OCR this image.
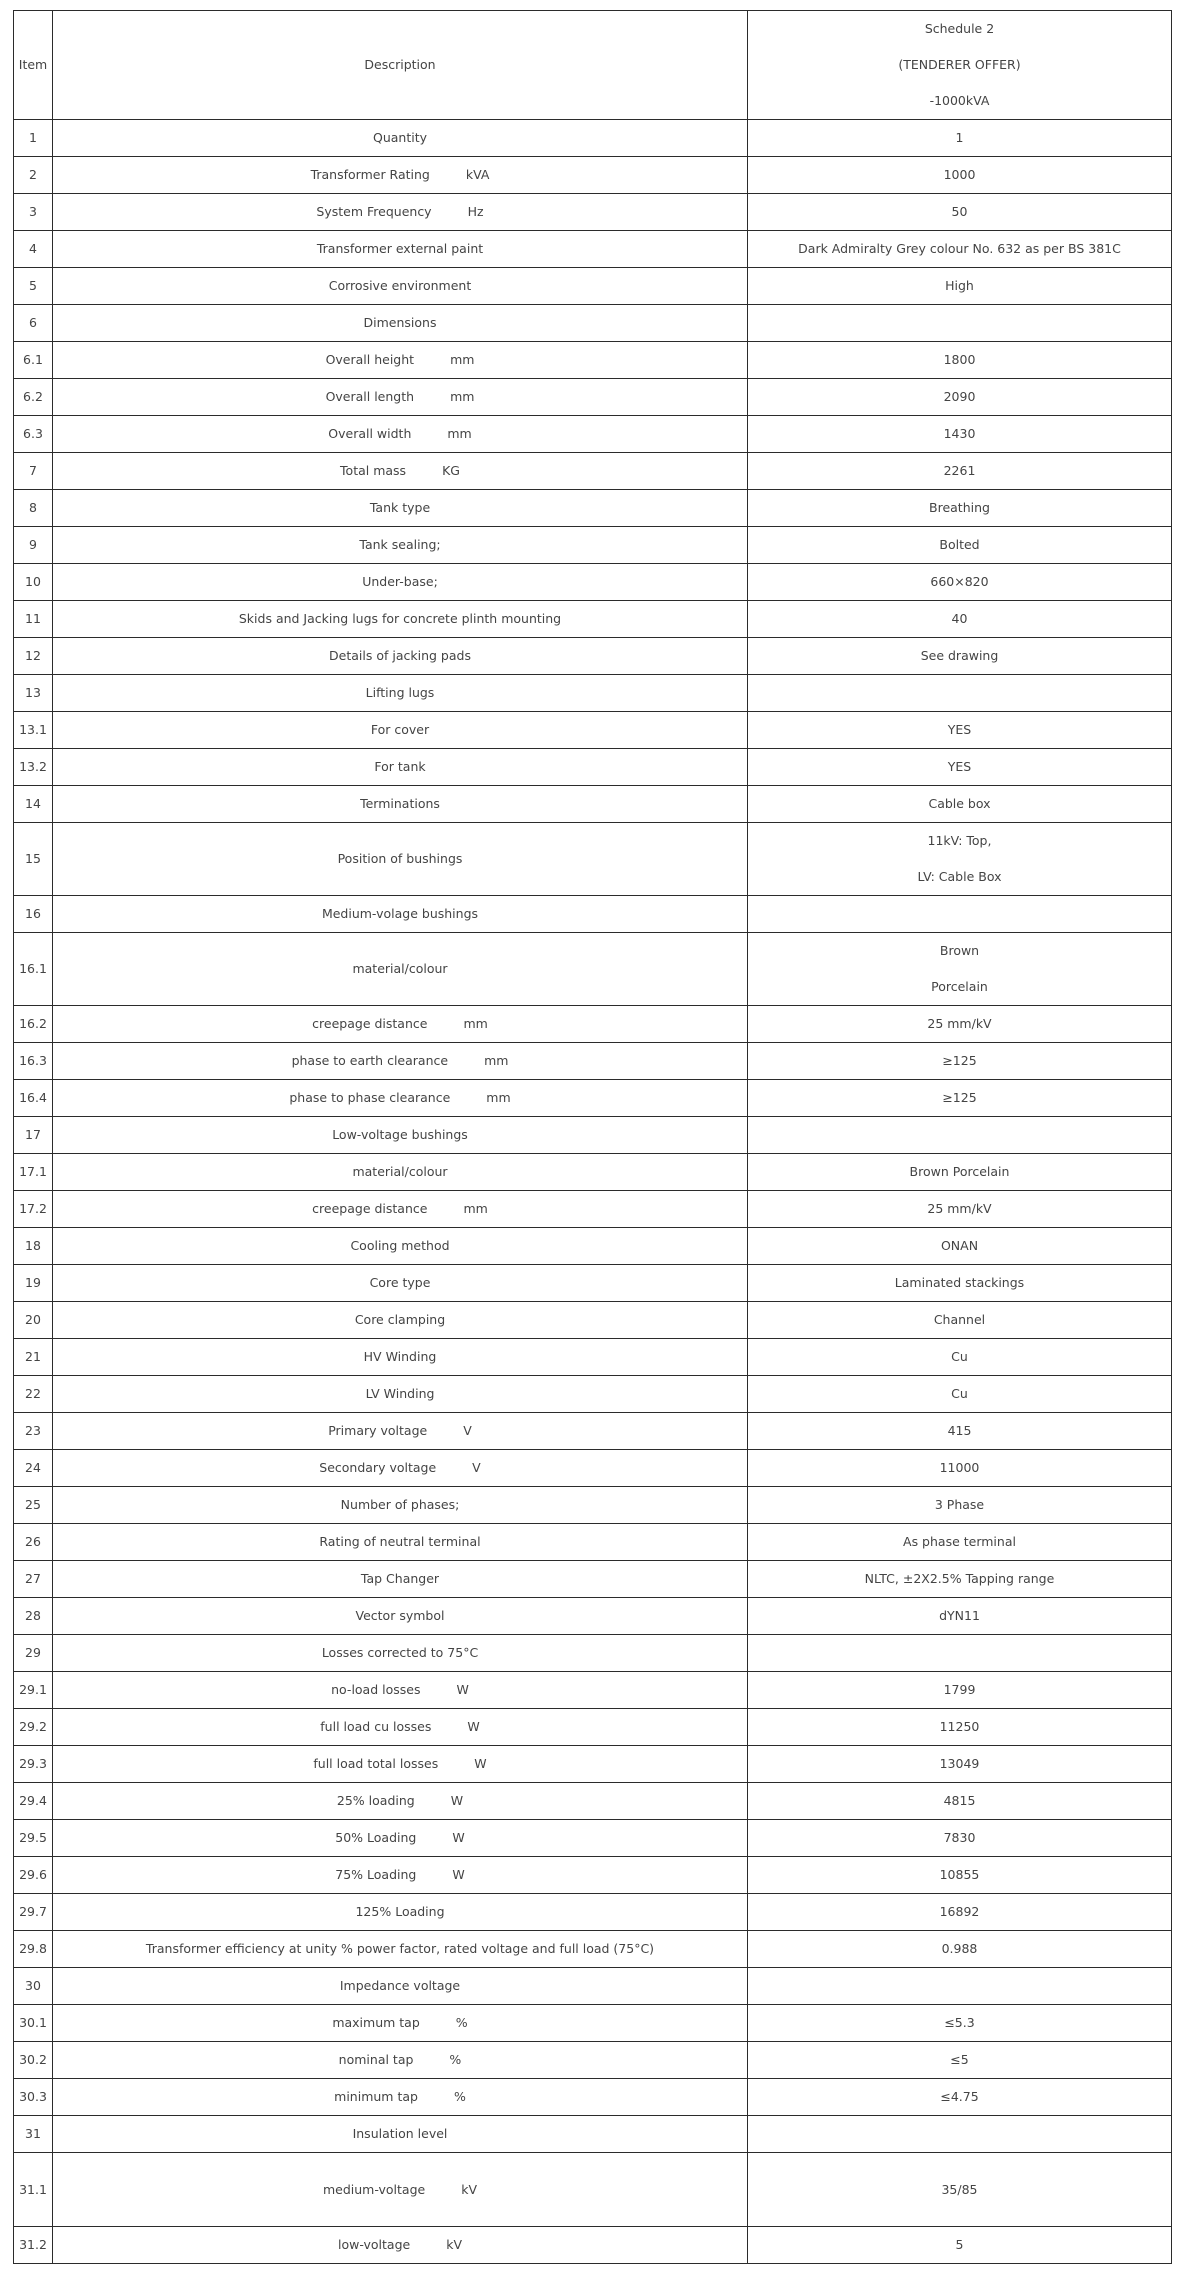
Item	Description	Schedule 2
(TENDERER OFFER)
-1000kVA

1	Quantity	1

2	Transformer Rating kVA	1000

3	System Frequency Hz	50

4	Transformer external paint	Dark Admiralty Grey colour No. 632 as per BS 381C

5	Corrosive environment	High

6	Dimensions	

6.1	Overall height mm	1800

6.2	Overall length mm	2090

6.3	Overall width mm	1430

7	Total mass KG	2261

8	Tank type	Breathing

9	Tank sealing;	Bolted

10	Under-base;	660×820

11	Skids and Jacking lugs for concrete plinth mounting	40

12	Details of jacking pads	See drawing

13	Lifting lugs	

13.1	For cover	YES

13.2	For tank	YES

14	Terminations	Cable box

15	Position of bushings	11kV: Top,
LV: Cable Box

16	Medium-volage bushings	

16.1	material/colour	Brown
Porcelain

16.2	creepage distance mm	25 mm/kV

16.3	phase to earth clearance mm	≥125

16.4	phase to phase clearance mm	≥125

17	Low-voltage bushings	

17.1	material/colour	Brown Porcelain

17.2	creepage distance mm	25 mm/kV

18	Cooling method	ONAN

19	Core type	Laminated stackings

20	Core clamping	Channel

21	HV Winding	Cu

22	LV Winding	Cu

23	Primary voltage V	415

24	Secondary voltage V	11000

25	Number of phases;	3 Phase

26	Rating of neutral terminal	As phase terminal

27	Tap Changer	NLTC, ±2X2.5% Tapping range

28	Vector symbol	dYN11

29	Losses corrected to 75°C	

29.1	no-load losses W	1799

29.2	full load cu losses W	11250

29.3	full load total losses W	13049

29.4	25% loading W	4815

29.5	50% Loading W	7830

29.6	75% Loading W	10855

29.7	125% Loading	16892

29.8	Transformer efficiency at unity % power factor, rated voltage and full load (75°C)	0.988

30	Impedance voltage	

30.1	maximum tap %	≤5.3

30.2	nominal tap %	≤5

30.3	minimum tap %	≤4.75

31	Insulation level	

31.1	medium-voltage kV	35/85

31.2	low-voltage kV	5
